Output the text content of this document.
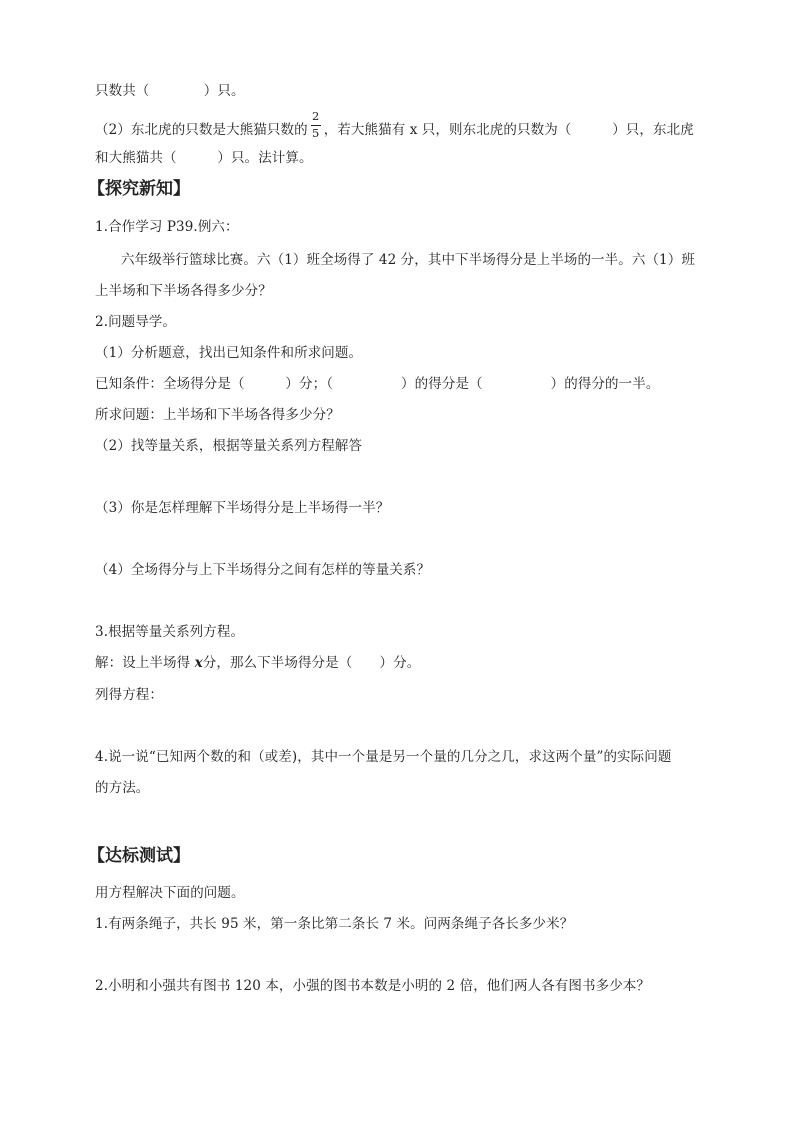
只数共（　　　　）只。
（2）东北虎的只数是大熊猫只数的 $\frac{2}{5}$ ，若大熊猫有 x 只，则东北虎的只数为（　　　）只，东北虎
和大熊猫共（　　　）只。法计算。
【探究新知】
1.合作学习 P39.例六：
六年级举行篮球比赛。六（1）班全场得了 42 分，其中下半场得分是上半场的一半。六（1）班
上半场和下半场各得多少分？
2.问题导学。
（1）分析题意，找出已知条件和所求问题。
已知条件：全场得分是（　　　）分；（　　　　　）的得分是（　　　　　）的得分的一半。
所求问题：上半场和下半场各得多少分？
（2）找等量关系，根据等量关系列方程解答
（3）你是怎样理解下半场得分是上半场得一半？
（4）全场得分与上下半场得分之间有怎样的等量关系？
3.根据等量关系列方程。
解：设上半场得 x分，那么下半场得分是（　　）分。
列得方程：
4.说一说“已知两个数的和（或差)，其中一个量是另一个量的几分之几，求这两个量”的实际问题
的方法。
【达标测试】
用方程解决下面的问题。
1.有两条绳子，共长 95 米，第一条比第二条长 7 米。问两条绳子各长多少米？
2.小明和小强共有图书 120 本，小强的图书本数是小明的 2 倍，他们两人各有图书多少本？
